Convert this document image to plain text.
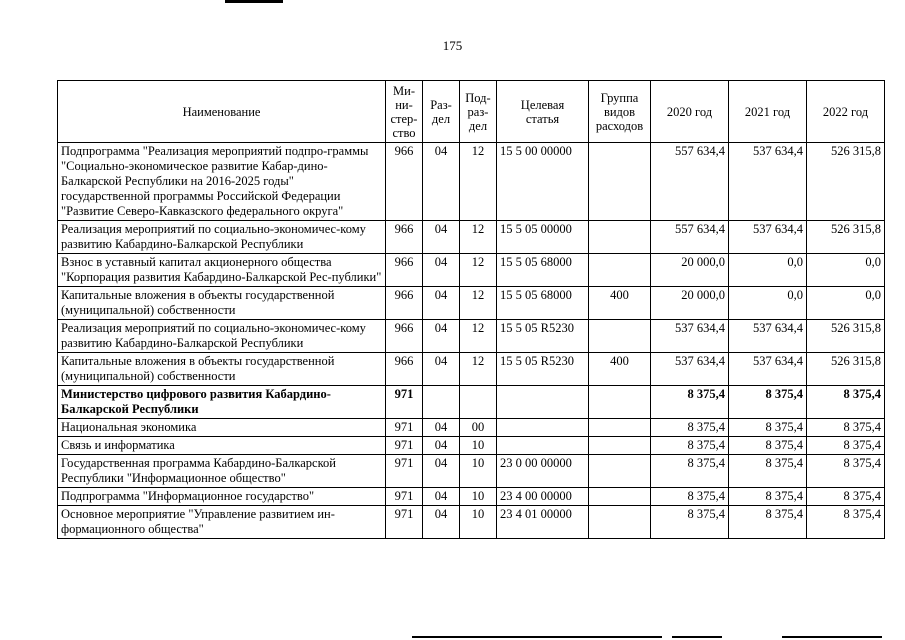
175
Наименование	Ми-
ни-
стер-
ство	Раз-
дел	Под-
раз-
дел	Целевая
статья	Группа
видов
расходов	2020 год	2021 год	2022 год
Подпрограмма "Реализация мероприятий подпро-граммы "Социально-экономическое развитие Кабар-дино-Балкарской Республики на 2016-2025 годы" государственной программы Российской Федерации "Развитие Северо-Кавказского федерального округа"	966	04	12	15 5 00 00000		557 634,4	537 634,4	526 315,8
Реализация мероприятий по социально-экономичес-кому развитию Кабардино-Балкарской Республики	966	04	12	15 5 05 00000		557 634,4	537 634,4	526 315,8
Взнос в уставный капитал акционерного общества "Корпорация развития Кабардино-Балкарской Рес-публики"	966	04	12	15 5 05 68000		20 000,0	0,0	0,0
Капитальные вложения в объекты государственной (муниципальной) собственности	966	04	12	15 5 05 68000	400	20 000,0	0,0	0,0
Реализация мероприятий по социально-экономичес-кому развитию Кабардино-Балкарской Республики	966	04	12	15 5 05 R5230		537 634,4	537 634,4	526 315,8
Капитальные вложения в объекты государственной (муниципальной) собственности	966	04	12	15 5 05 R5230	400	537 634,4	537 634,4	526 315,8
Министерство цифрового развития Кабардино-Балкарской Республики	971					8 375,4	8 375,4	8 375,4
Национальная экономика	971	04	00			8 375,4	8 375,4	8 375,4
Связь и информатика	971	04	10			8 375,4	8 375,4	8 375,4
Государственная программа Кабардино-Балкарской Республики "Информационное общество"	971	04	10	23 0 00 00000		8 375,4	8 375,4	8 375,4
Подпрограмма "Информационное государство"	971	04	10	23 4 00 00000		8 375,4	8 375,4	8 375,4
Основное мероприятие "Управление развитием ин-формационного общества"	971	04	10	23 4 01 00000		8 375,4	8 375,4	8 375,4
